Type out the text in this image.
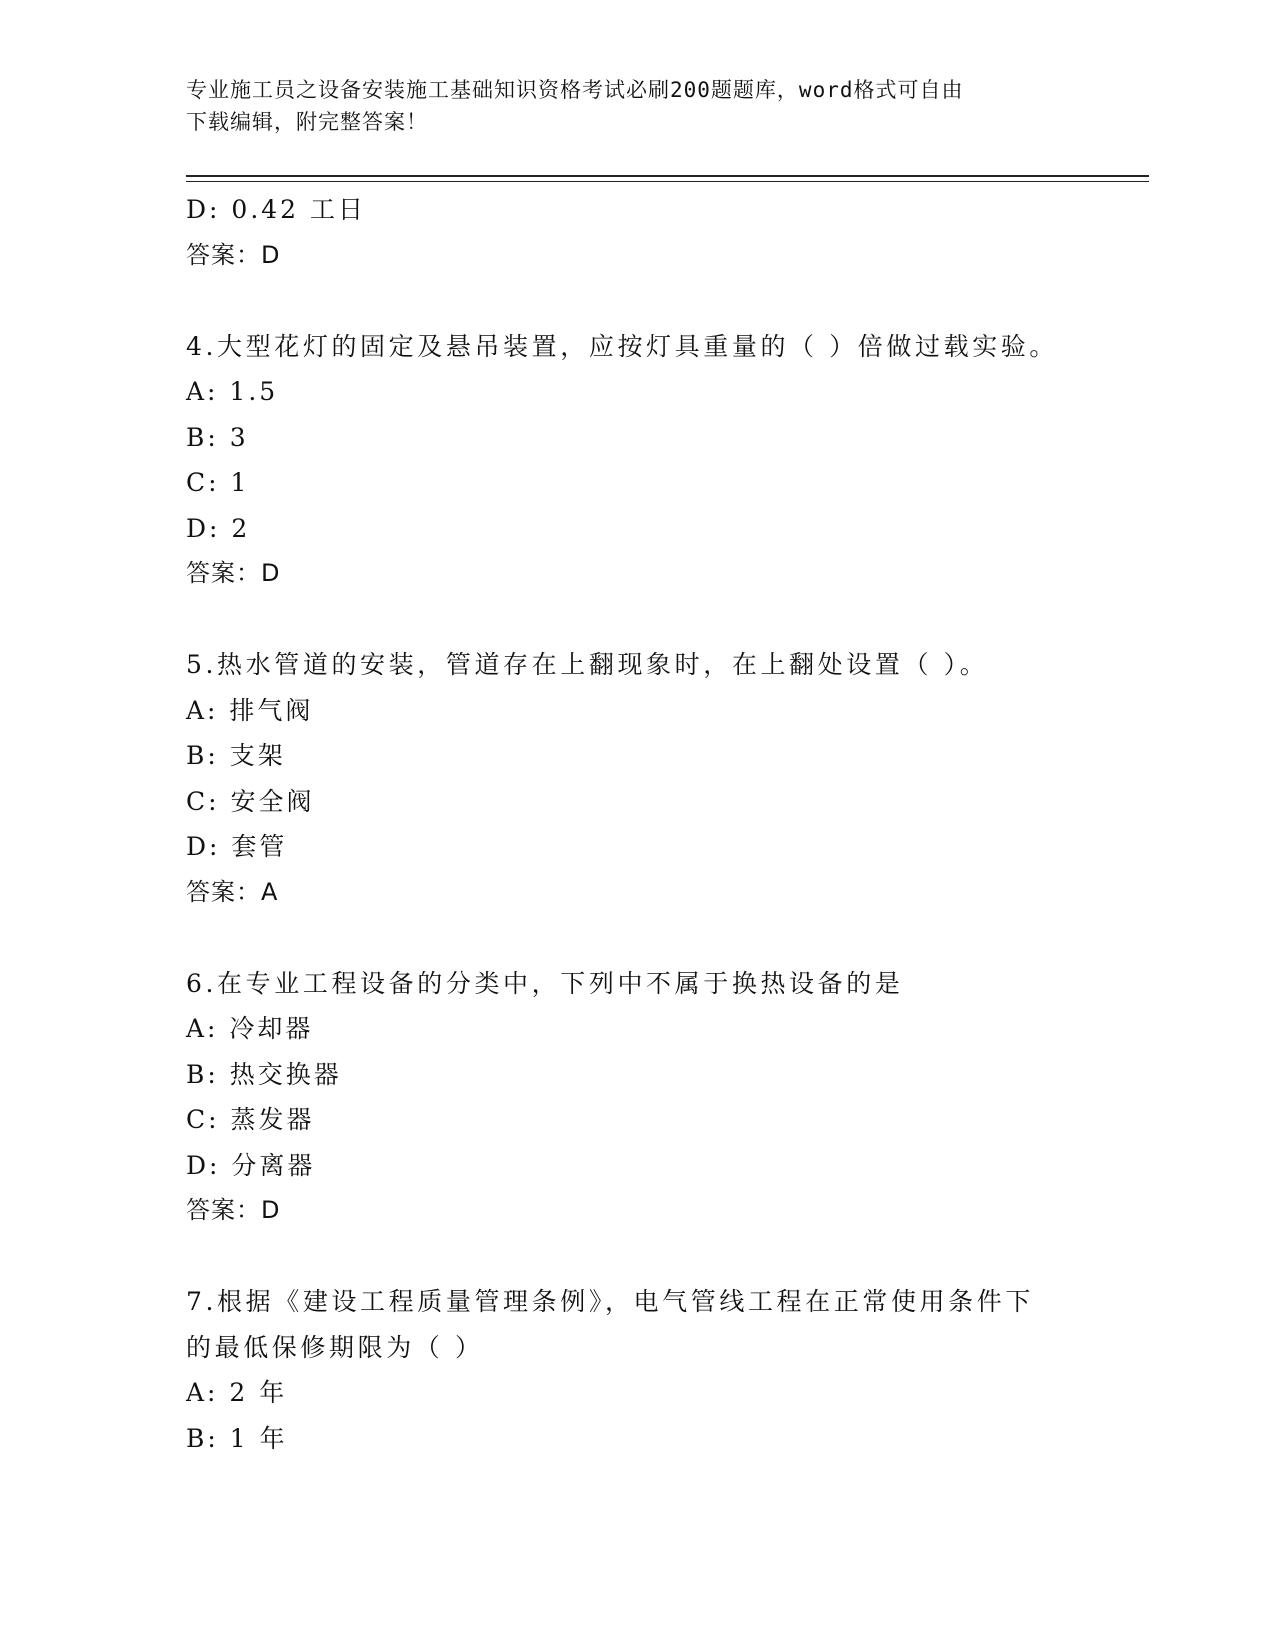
专业施工员之设备安装施工基础知识资格考试必刷200题题库，word格式可自由
下载编辑，附完整答案！
D: 0.42 工日
答案：D
4.大型花灯的固定及悬吊装置，应按灯具重量的（ ）倍做过载实验。
A: 1.5
B: 3
C: 1
D: 2
答案：D
5.热水管道的安装，管道存在上翻现象时，在上翻处设置（ ）。
A: 排气阀
B: 支架
C: 安全阀
D: 套管
答案：A
6.在专业工程设备的分类中，下列中不属于换热设备的是
A: 冷却器
B: 热交换器
C: 蒸发器
D: 分离器
答案：D
7.根据《建设工程质量管理条例》，电气管线工程在正常使用条件下
的最低保修期限为（ ）
A: 2 年
B: 1 年
